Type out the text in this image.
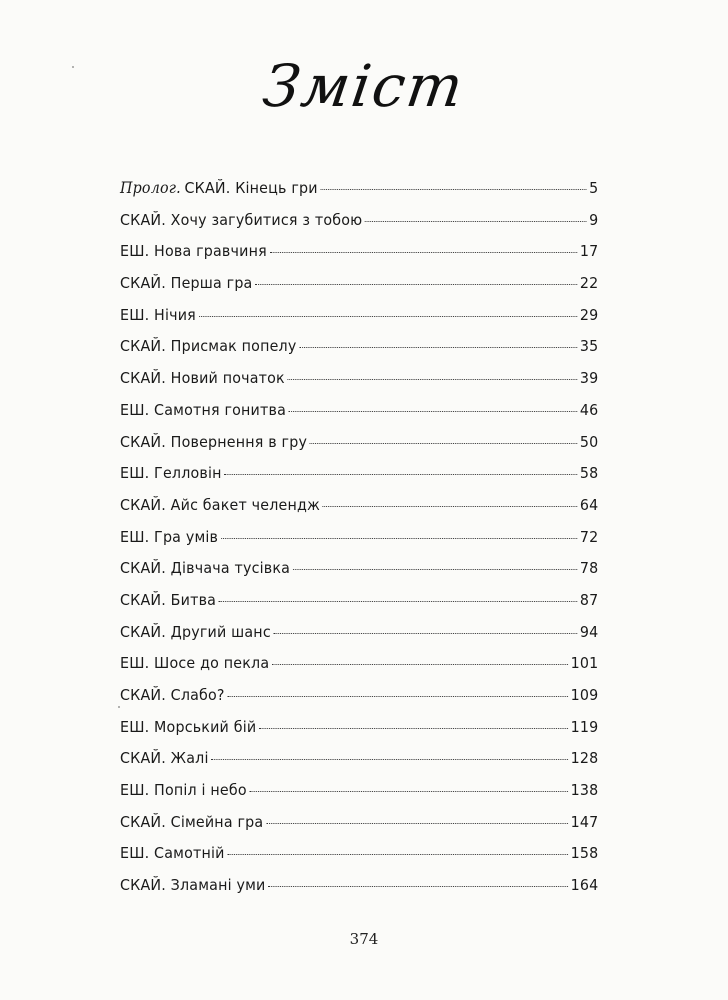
Зміст
Пролог. СКАЙ. Кінець гри	5
СКАЙ. Хочу загубитися з тобою	9
ЕШ. Нова гравчиня	17
СКАЙ. Перша гра	22
ЕШ. Нічия	29
СКАЙ. Присмак попелу	35
СКАЙ. Новий початок	39
ЕШ. Самотня гонитва	46
СКАЙ. Повернення в гру	50
ЕШ. Гелловін	58
СКАЙ. Айс бакет челендж	64
ЕШ. Гра умів	72
СКАЙ. Дівчача тусівка	78
СКАЙ. Битва	87
СКАЙ. Другий шанс	94
ЕШ. Шосе до пекла	101
СКАЙ. Слабо?	109
ЕШ. Морський бій	119
СКАЙ. Жалі	128
ЕШ. Попіл і небо	138
СКАЙ. Сімейна гра	147
ЕШ. Самотній	158
СКАЙ. Зламані уми	164
374
